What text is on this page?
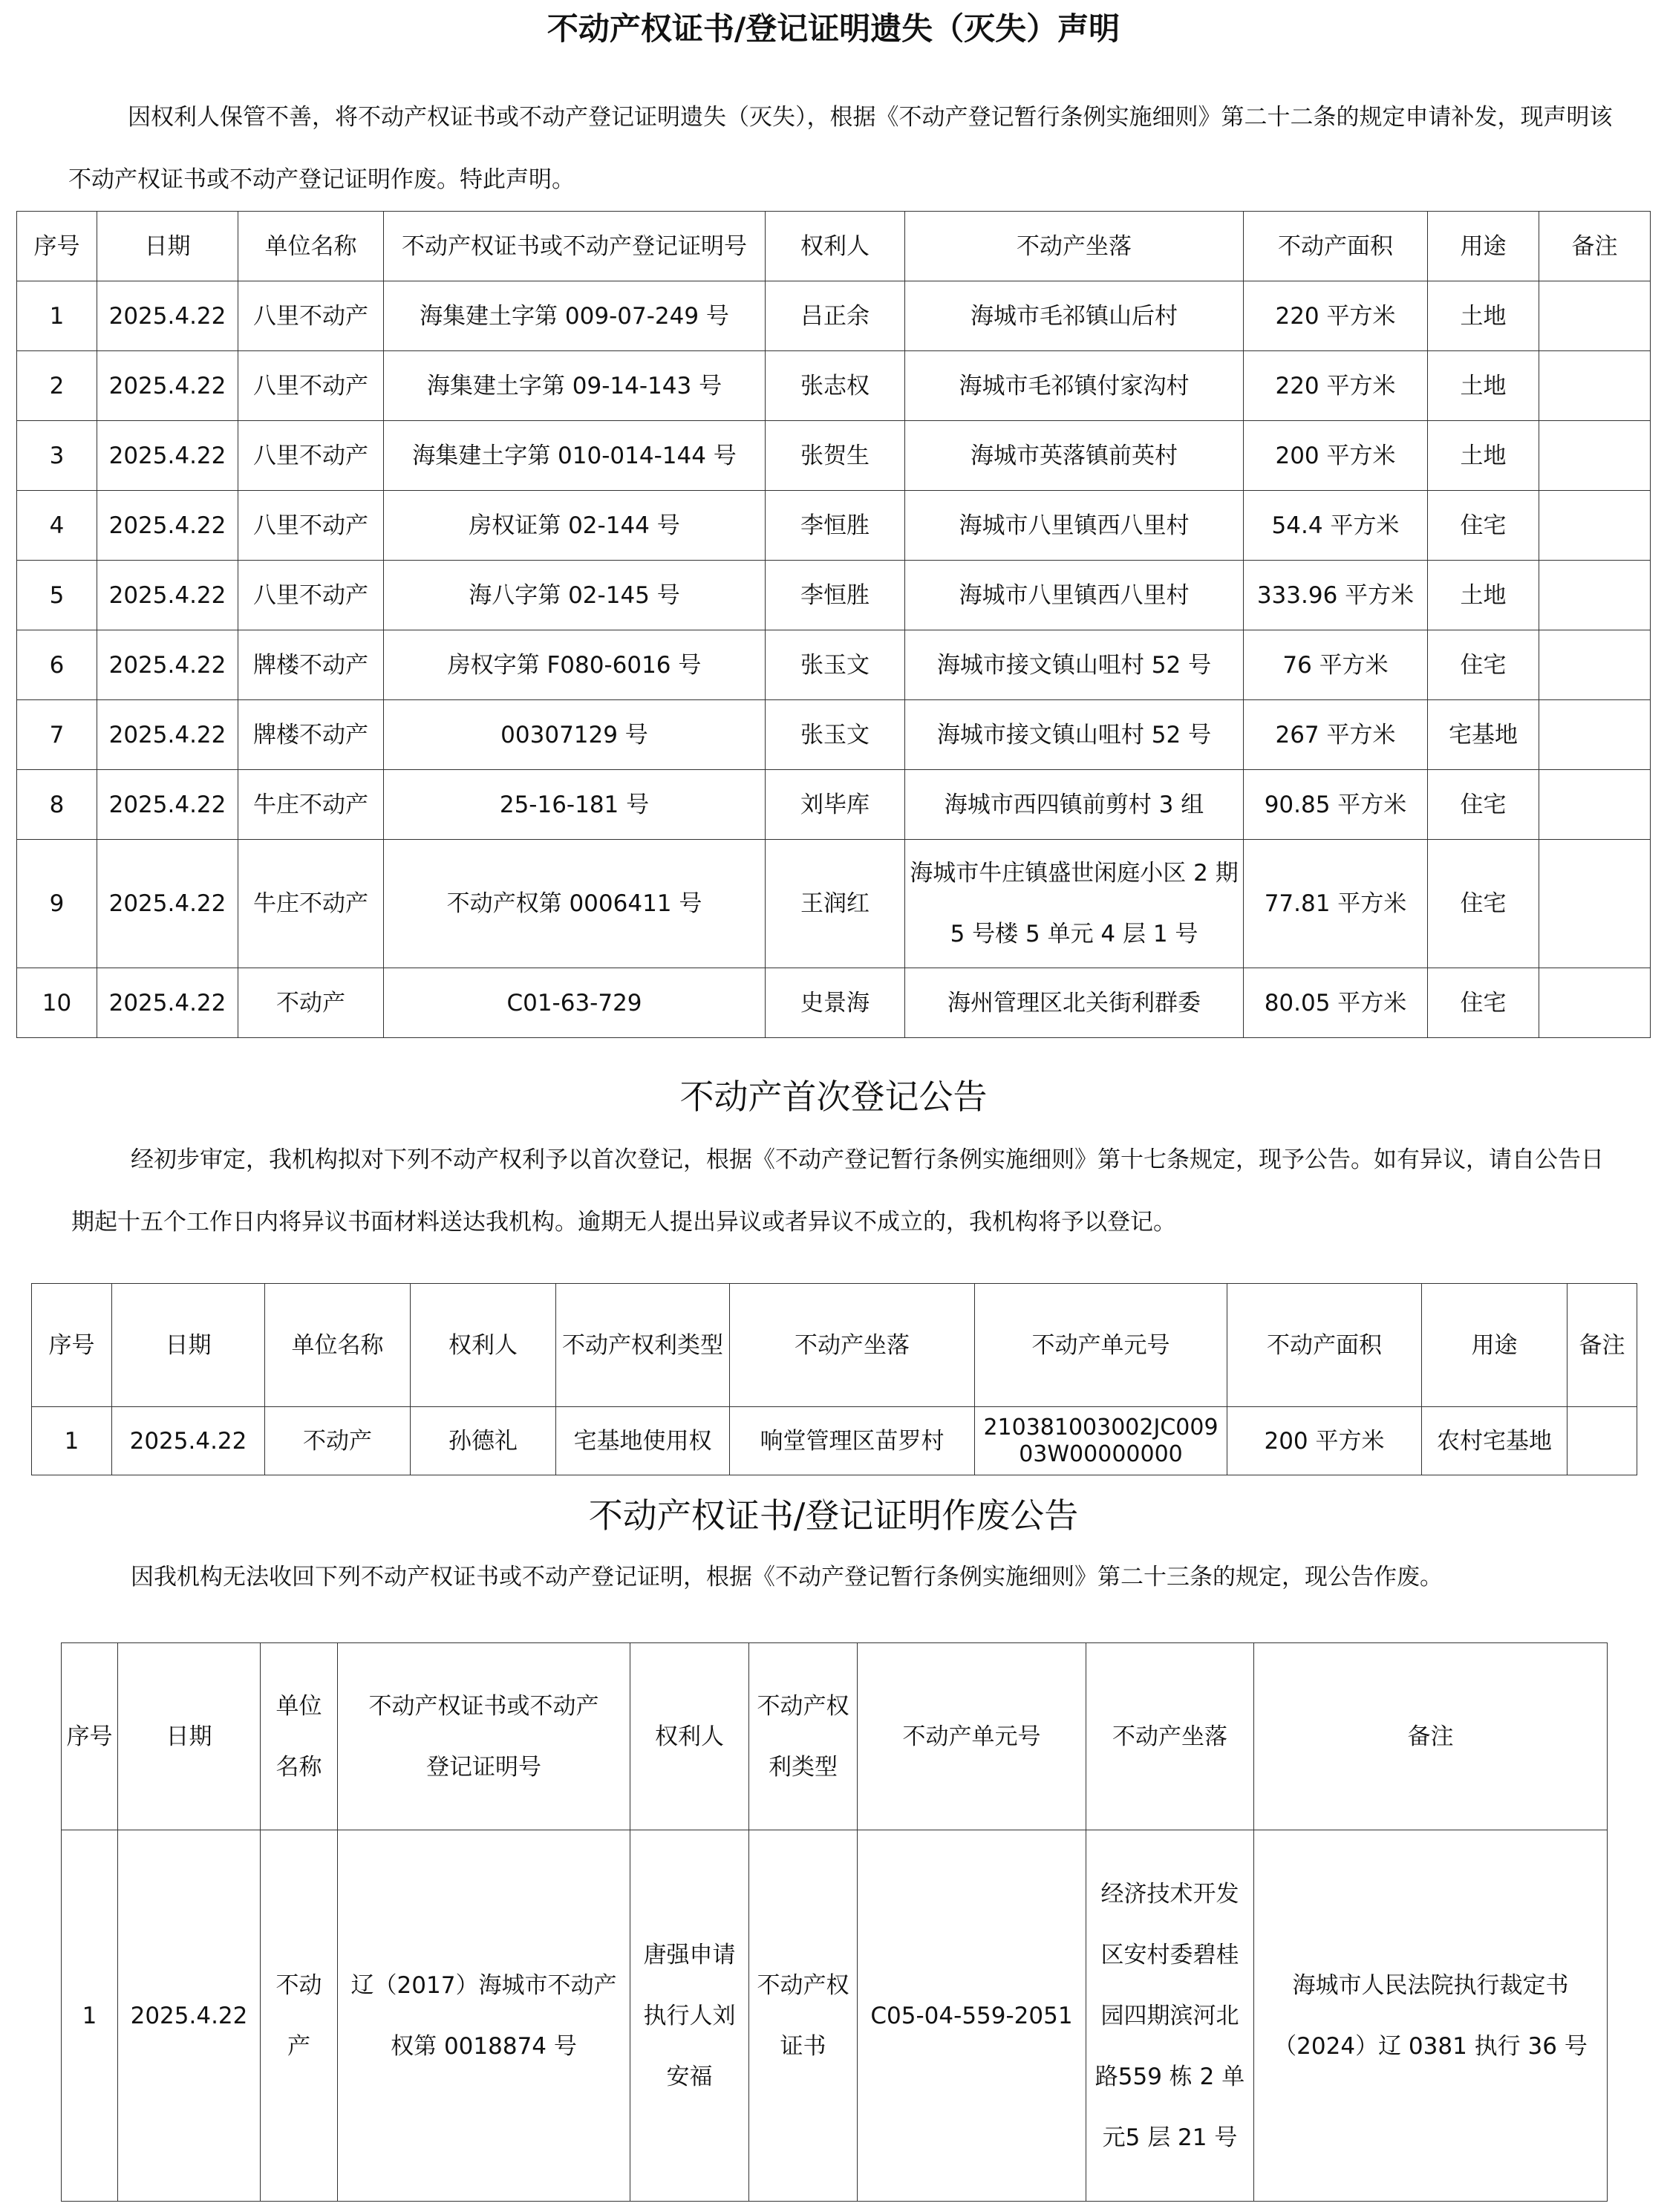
不动产权证书/登记证明遗失（灭失）声明

因权利人保管不善，将不动产权证书或不动产登记证明遗失（灭失），根据《不动产登记暂行条例实施细则》第二十二条的规定申请补发，现声明该不动产权证书或不动产登记证明作废。特此声明。

序号	日期	单位名称	不动产权证书或不动产登记证明号	权利人	不动产坐落	不动产面积	用途	备注
1	2025.4.22	八里不动产	海集建土字第 009-07-249 号	吕正余	海城市毛祁镇山后村	220 平方米	土地	
2	2025.4.22	八里不动产	海集建土字第 09-14-143 号	张志权	海城市毛祁镇付家沟村	220 平方米	土地	
3	2025.4.22	八里不动产	海集建土字第 010-014-144 号	张贺生	海城市英落镇前英村	200 平方米	土地	
4	2025.4.22	八里不动产	房权证第 02-144 号	李恒胜	海城市八里镇西八里村	54.4 平方米	住宅	
5	2025.4.22	八里不动产	海八字第 02-145 号	李恒胜	海城市八里镇西八里村	333.96 平方米	土地	
6	2025.4.22	牌楼不动产	房权字第 F080-6016 号	张玉文	海城市接文镇山咀村 52 号	76 平方米	住宅	
7	2025.4.22	牌楼不动产	00307129 号	张玉文	海城市接文镇山咀村 52 号	267 平方米	宅基地	
8	2025.4.22	牛庄不动产	25-16-181 号	刘毕库	海城市西四镇前剪村 3 组	90.85 平方米	住宅	
9	2025.4.22	牛庄不动产	不动产权第 0006411 号	王润红	海城市牛庄镇盛世闲庭小区 2 期 5 号楼 5 单元 4 层 1 号	77.81 平方米	住宅	
10	2025.4.22	不动产	C01-63-729	史景海	海州管理区北关街利群委	80.05 平方米	住宅	
不动产首次登记公告

经初步审定，我机构拟对下列不动产权利予以首次登记，根据《不动产登记暂行条例实施细则》第十七条规定，现予公告。如有异议，请自公告日期起十五个工作日内将异议书面材料送达我机构。逾期无人提出异议或者异议不成立的，我机构将予以登记。

序号	日期	单位名称	权利人	不动产权利类型	不动产坐落	不动产单元号	不动产面积	用途	备注
1	2025.4.22	不动产	孙德礼	宅基地使用权	响堂管理区苗罗村	210381003002JC00903W00000000	200 平方米	农村宅基地	
不动产权证书/登记证明作废公告

因我机构无法收回下列不动产权证书或不动产登记证明，根据《不动产登记暂行条例实施细则》第二十三条的规定，现公告作废。

序号	日期	单位名称	不动产权证书或不动产登记证明号	权利人	不动产权利类型	不动产单元号	不动产坐落	备注
1	2025.4.22	不动产	辽（2017）海城市不动产权第 0018874 号	唐强申请执行人刘安福	不动产权证书	C05-04-559-2051	经济技术开发区安村委碧桂园四期滨河北路559 栋 2 单元5 层 21 号	海城市人民法院执行裁定书（2024）辽 0381 执行 36 号
